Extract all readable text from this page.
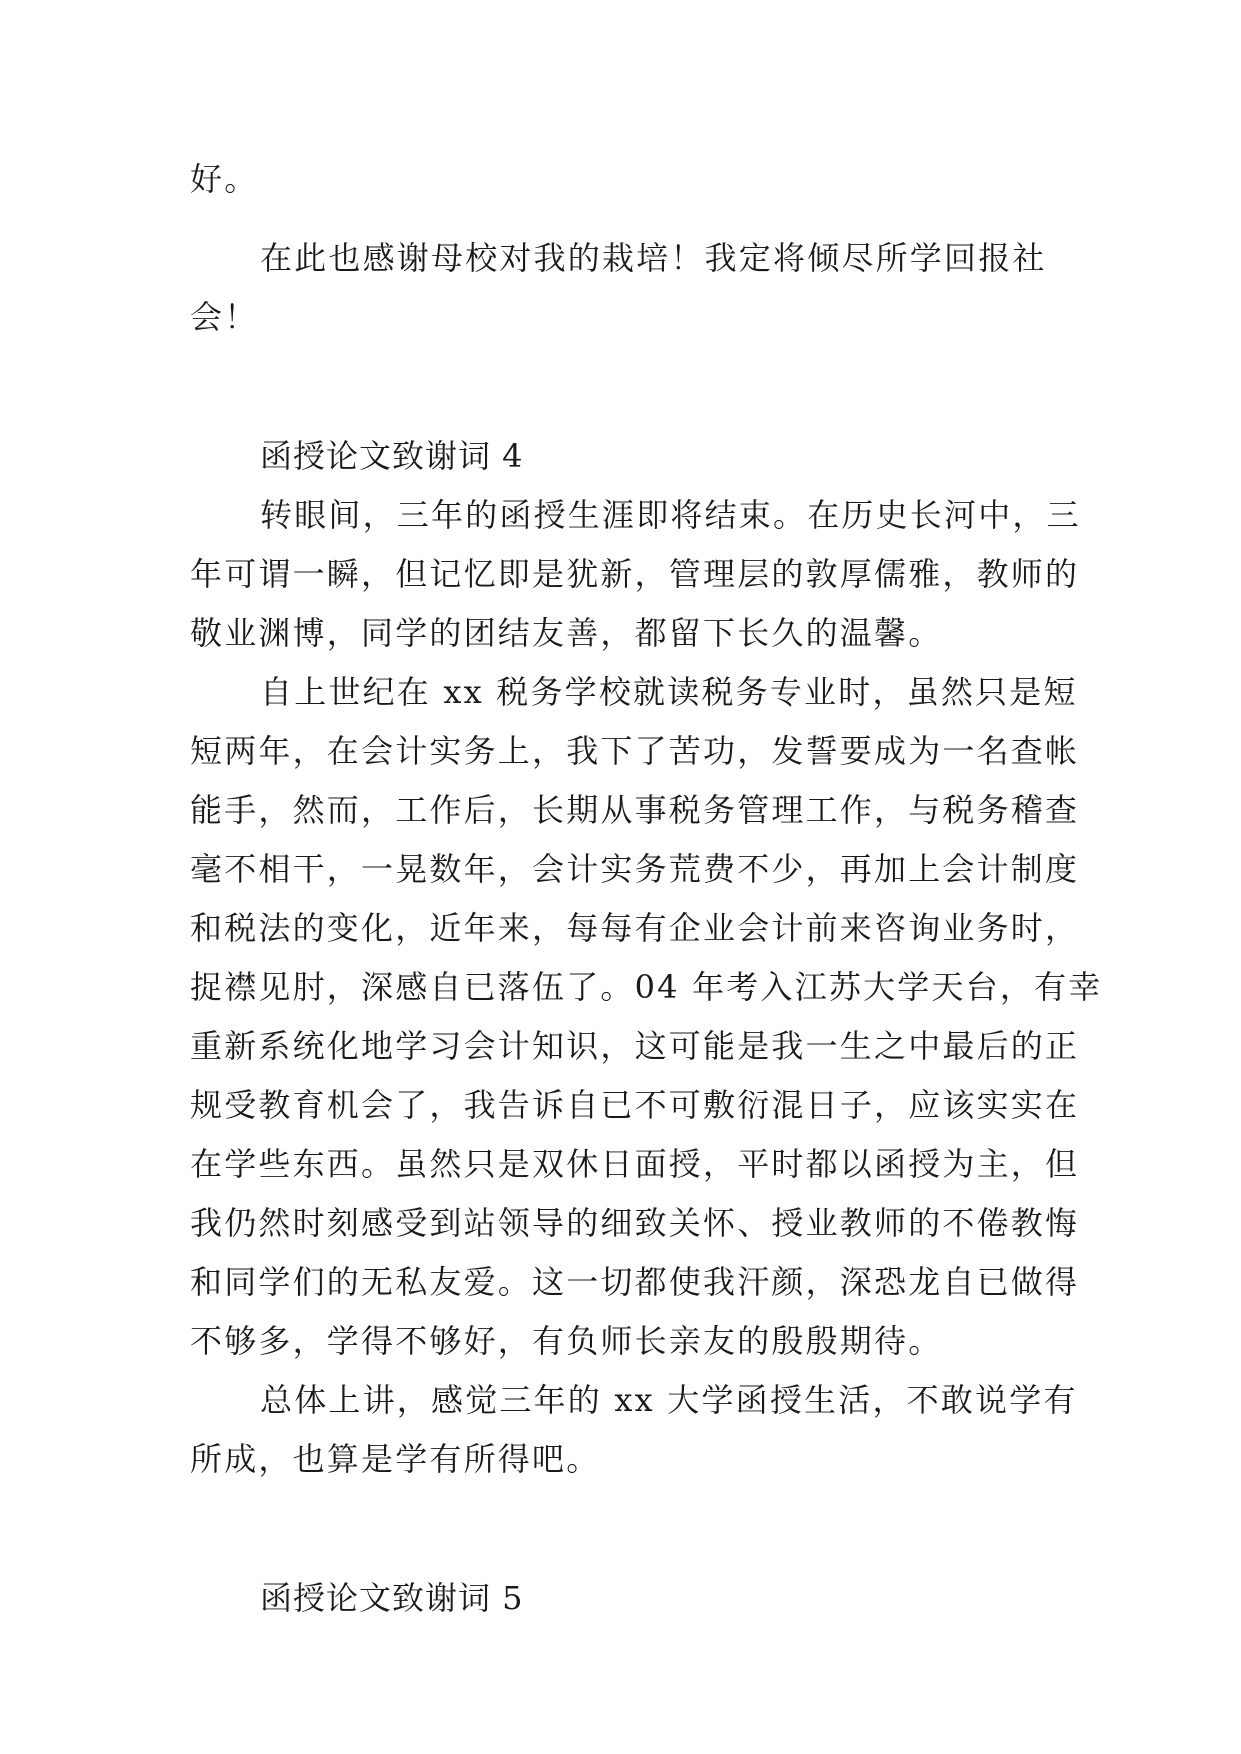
好。
在此也感谢母校对我的栽培！我定将倾尽所学回报社
会！
函授论文致谢词 4
转眼间，三年的函授生涯即将结束。在历史长河中，三
年可谓一瞬，但记忆即是犹新，管理层的敦厚儒雅，教师的
敬业渊博，同学的团结友善，都留下长久的温馨。
自上世纪在 xx 税务学校就读税务专业时，虽然只是短
短两年，在会计实务上，我下了苦功，发誓要成为一名查帐
能手，然而，工作后，长期从事税务管理工作，与税务稽查
毫不相干，一晃数年，会计实务荒费不少，再加上会计制度
和税法的变化，近年来，每每有企业会计前来咨询业务时，
捉襟见肘，深感自已落伍了。04 年考入江苏大学天台，有幸
重新系统化地学习会计知识，这可能是我一生之中最后的正
规受教育机会了，我告诉自已不可敷衍混日子，应该实实在
在学些东西。虽然只是双休日面授，平时都以函授为主，但
我仍然时刻感受到站领导的细致关怀、授业教师的不倦教悔
和同学们的无私友爱。这一切都使我汗颜，深恐龙自已做得
不够多，学得不够好，有负师长亲友的殷殷期待。
总体上讲，感觉三年的 xx 大学函授生活，不敢说学有
所成，也算是学有所得吧。
函授论文致谢词 5
